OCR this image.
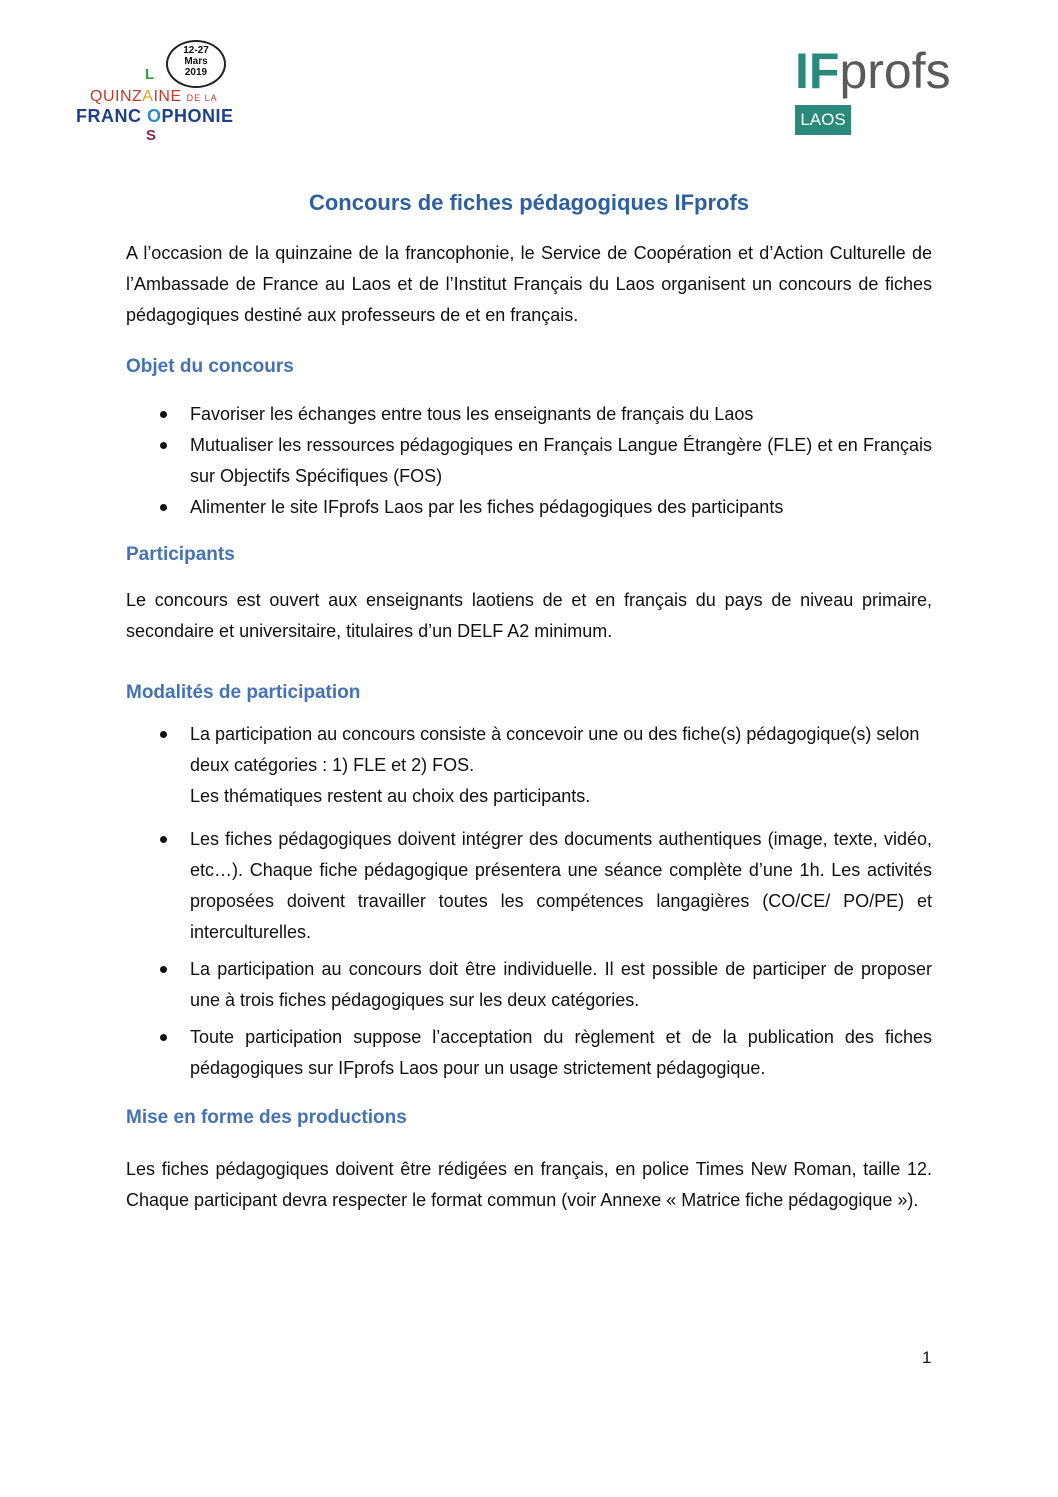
12-27
Mars
2019
L
QUINZAINE DE LA
FRANC OPHONIE
S
IFprofs
LAOS
Concours de fiches pédagogiques IFprofs

A l’occasion de la quinzaine de la francophonie, le Service de Coopération et d’Action Culturelle de l’Ambassade de France au Laos et de l’Institut Français du Laos organisent un concours de fiches pédagogiques destiné aux professeurs de et en français.

Objet du concours
Favoriser les échanges entre tous les enseignants de français du Laos
Mutualiser les ressources pédagogiques en Français Langue Étrangère (FLE) et en Français sur Objectifs Spécifiques (FOS)
Alimenter le site IFprofs Laos par les fiches pédagogiques des participants
Participants

Le concours est ouvert aux enseignants laotiens de et en français du pays de niveau primaire, secondaire et universitaire, titulaires d’un DELF A2 minimum.

Modalités de participation
La participation au concours consiste à concevoir une ou des fiche(s) pédagogique(s) selon deux catégories : 1) FLE et 2) FOS.
Les thématiques restent au choix des participants.
Les fiches pédagogiques doivent intégrer des documents authentiques (image, texte, vidéo, etc…). Chaque fiche pédagogique présentera une séance complète d’une 1h. Les activités proposées doivent travailler toutes les compétences langagières (CO/CE/ PO/PE) et interculturelles.
La participation au concours doit être individuelle. Il est possible de participer de proposer une à trois fiches pédagogiques sur les deux catégories.
Toute participation suppose l’acceptation du règlement et de la publication des fiches pédagogiques sur IFprofs Laos pour un usage strictement pédagogique.
Mise en forme des productions

Les fiches pédagogiques doivent être rédigées en français, en police Times New Roman, taille 12. Chaque participant devra respecter le format commun (voir Annexe « Matrice fiche pédagogique »).

1
